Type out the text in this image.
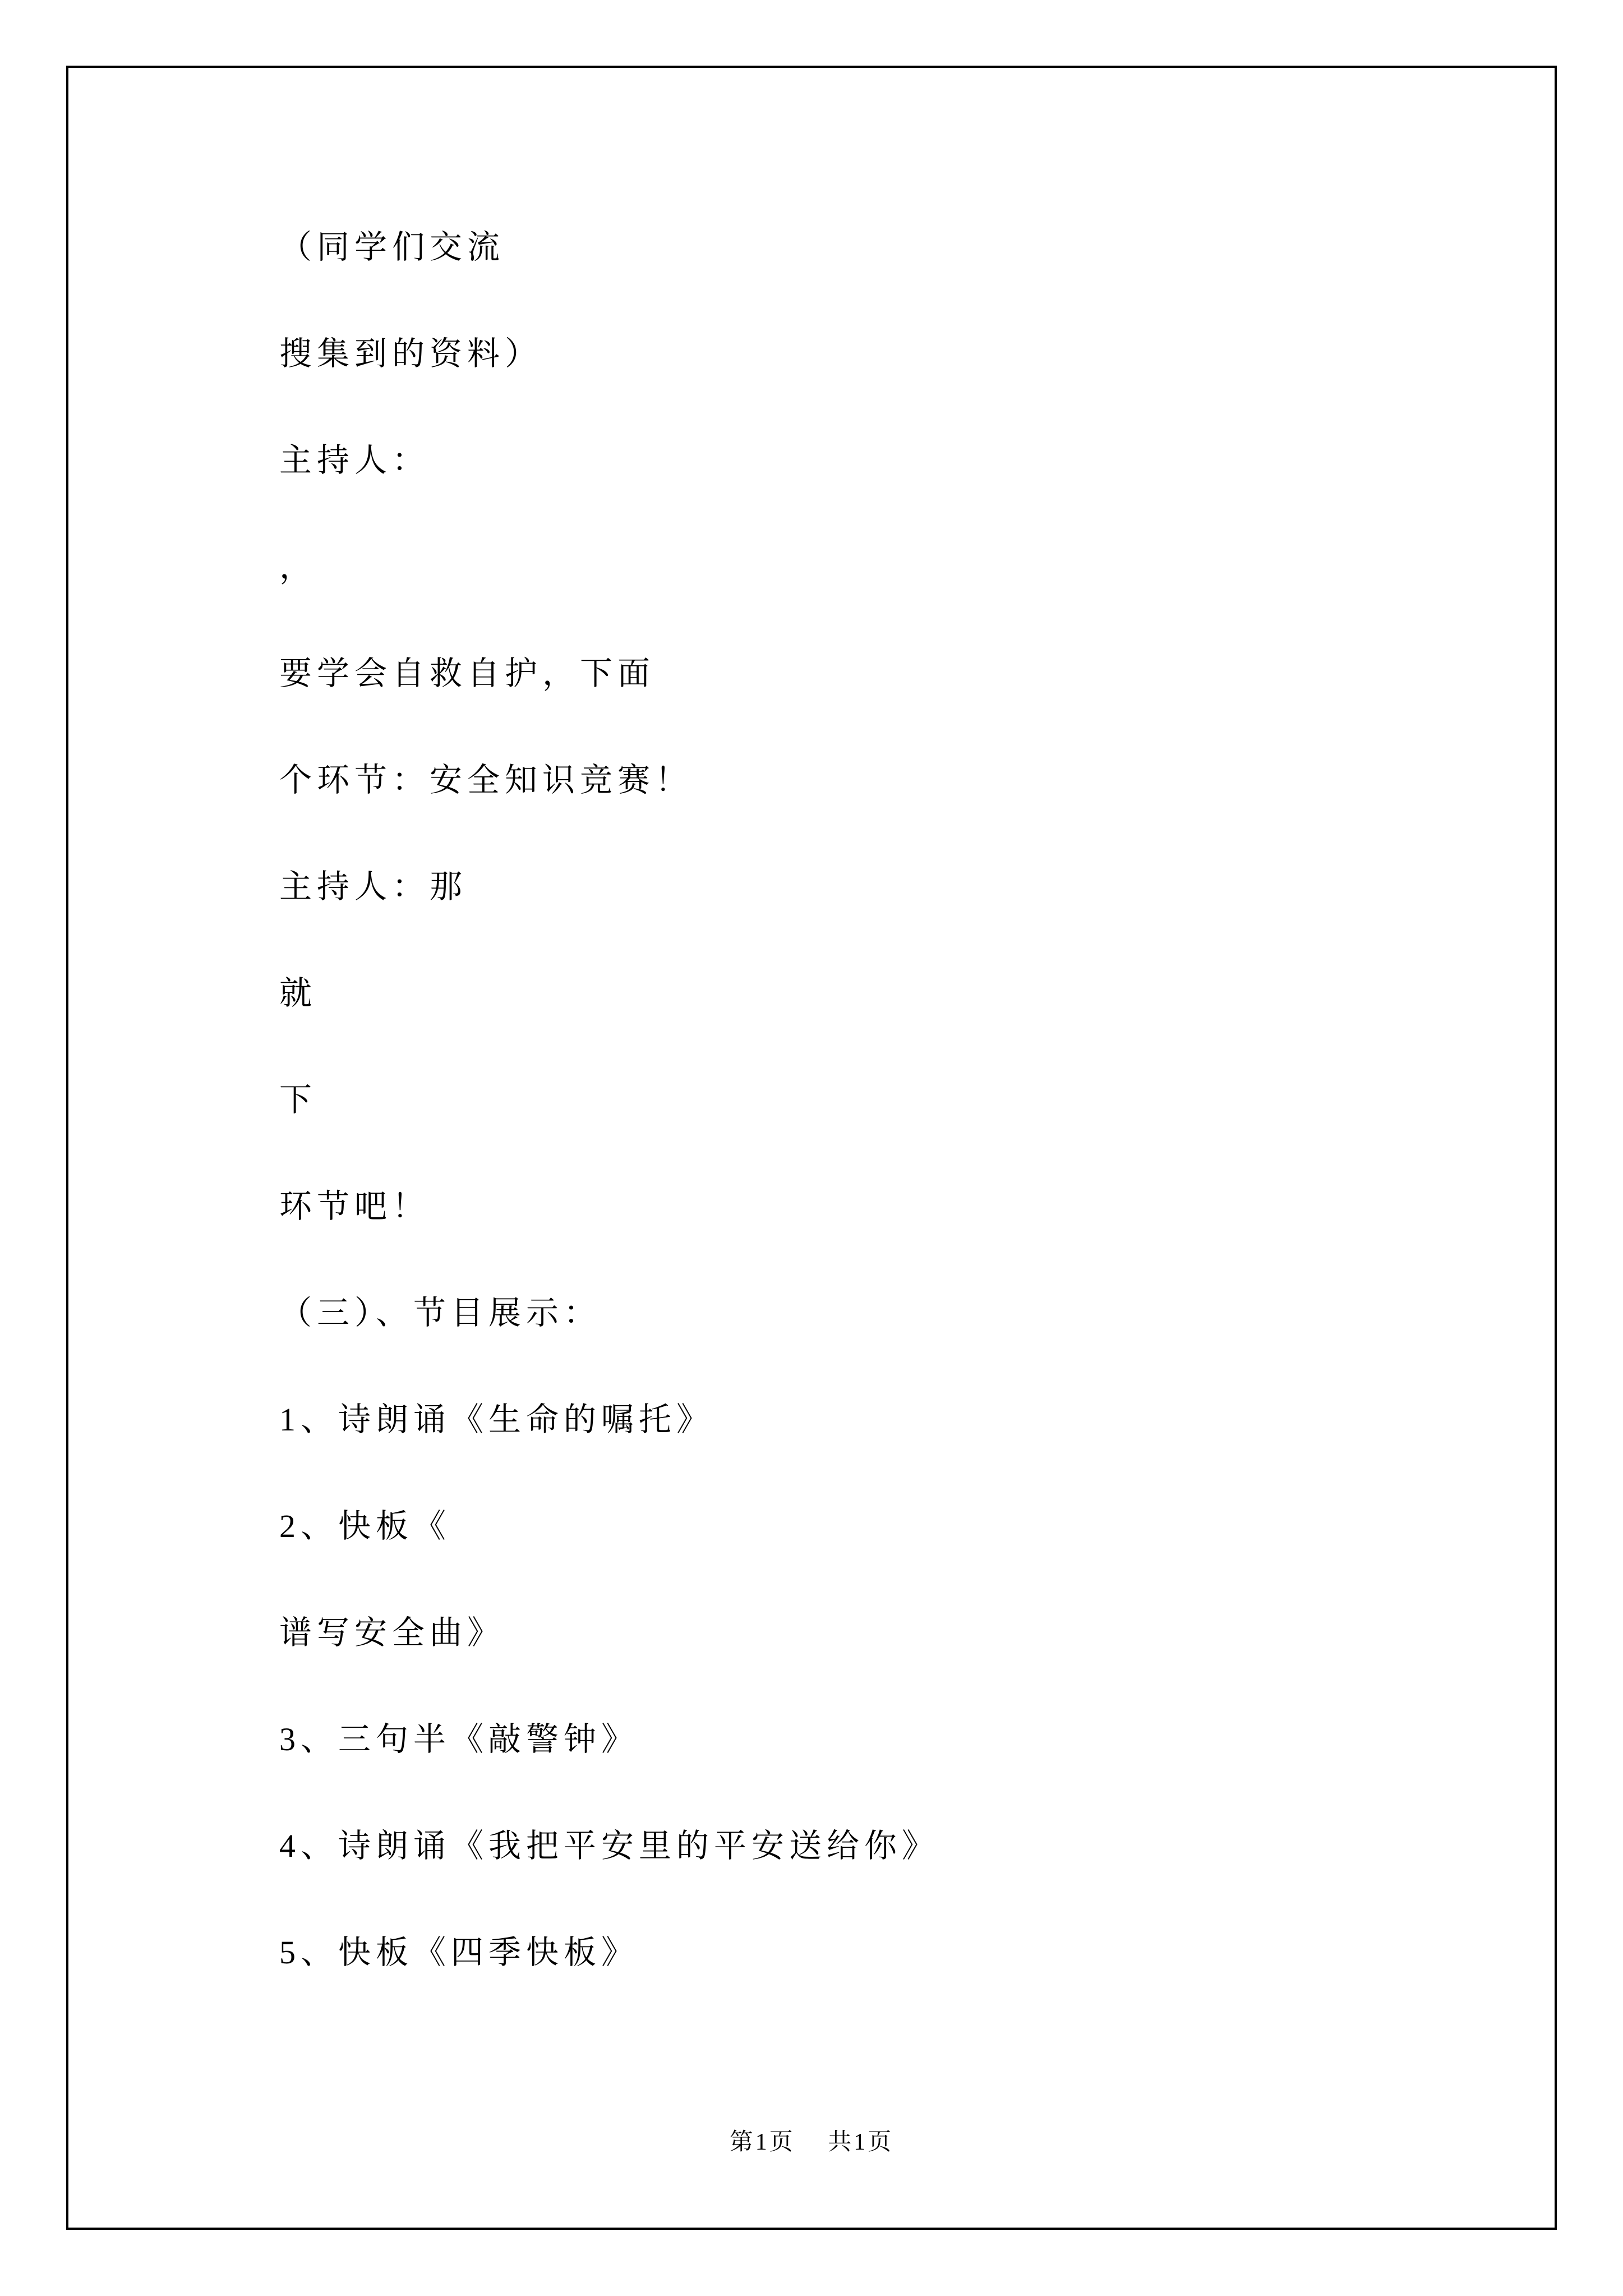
（同学们交流

搜集到的资料）

主持人：

，

要学会自救自护，下面

个环节：安全知识竞赛！

主持人：那

就

下

环节吧！

（三）、节目展示：

1、诗朗诵《生命的嘱托》

2、快板《

谱写安全曲》

3、三句半《敲警钟》

4、诗朗诵《我把平安里的平安送给你》

5、快板《四季快板》

第1页 共1页
